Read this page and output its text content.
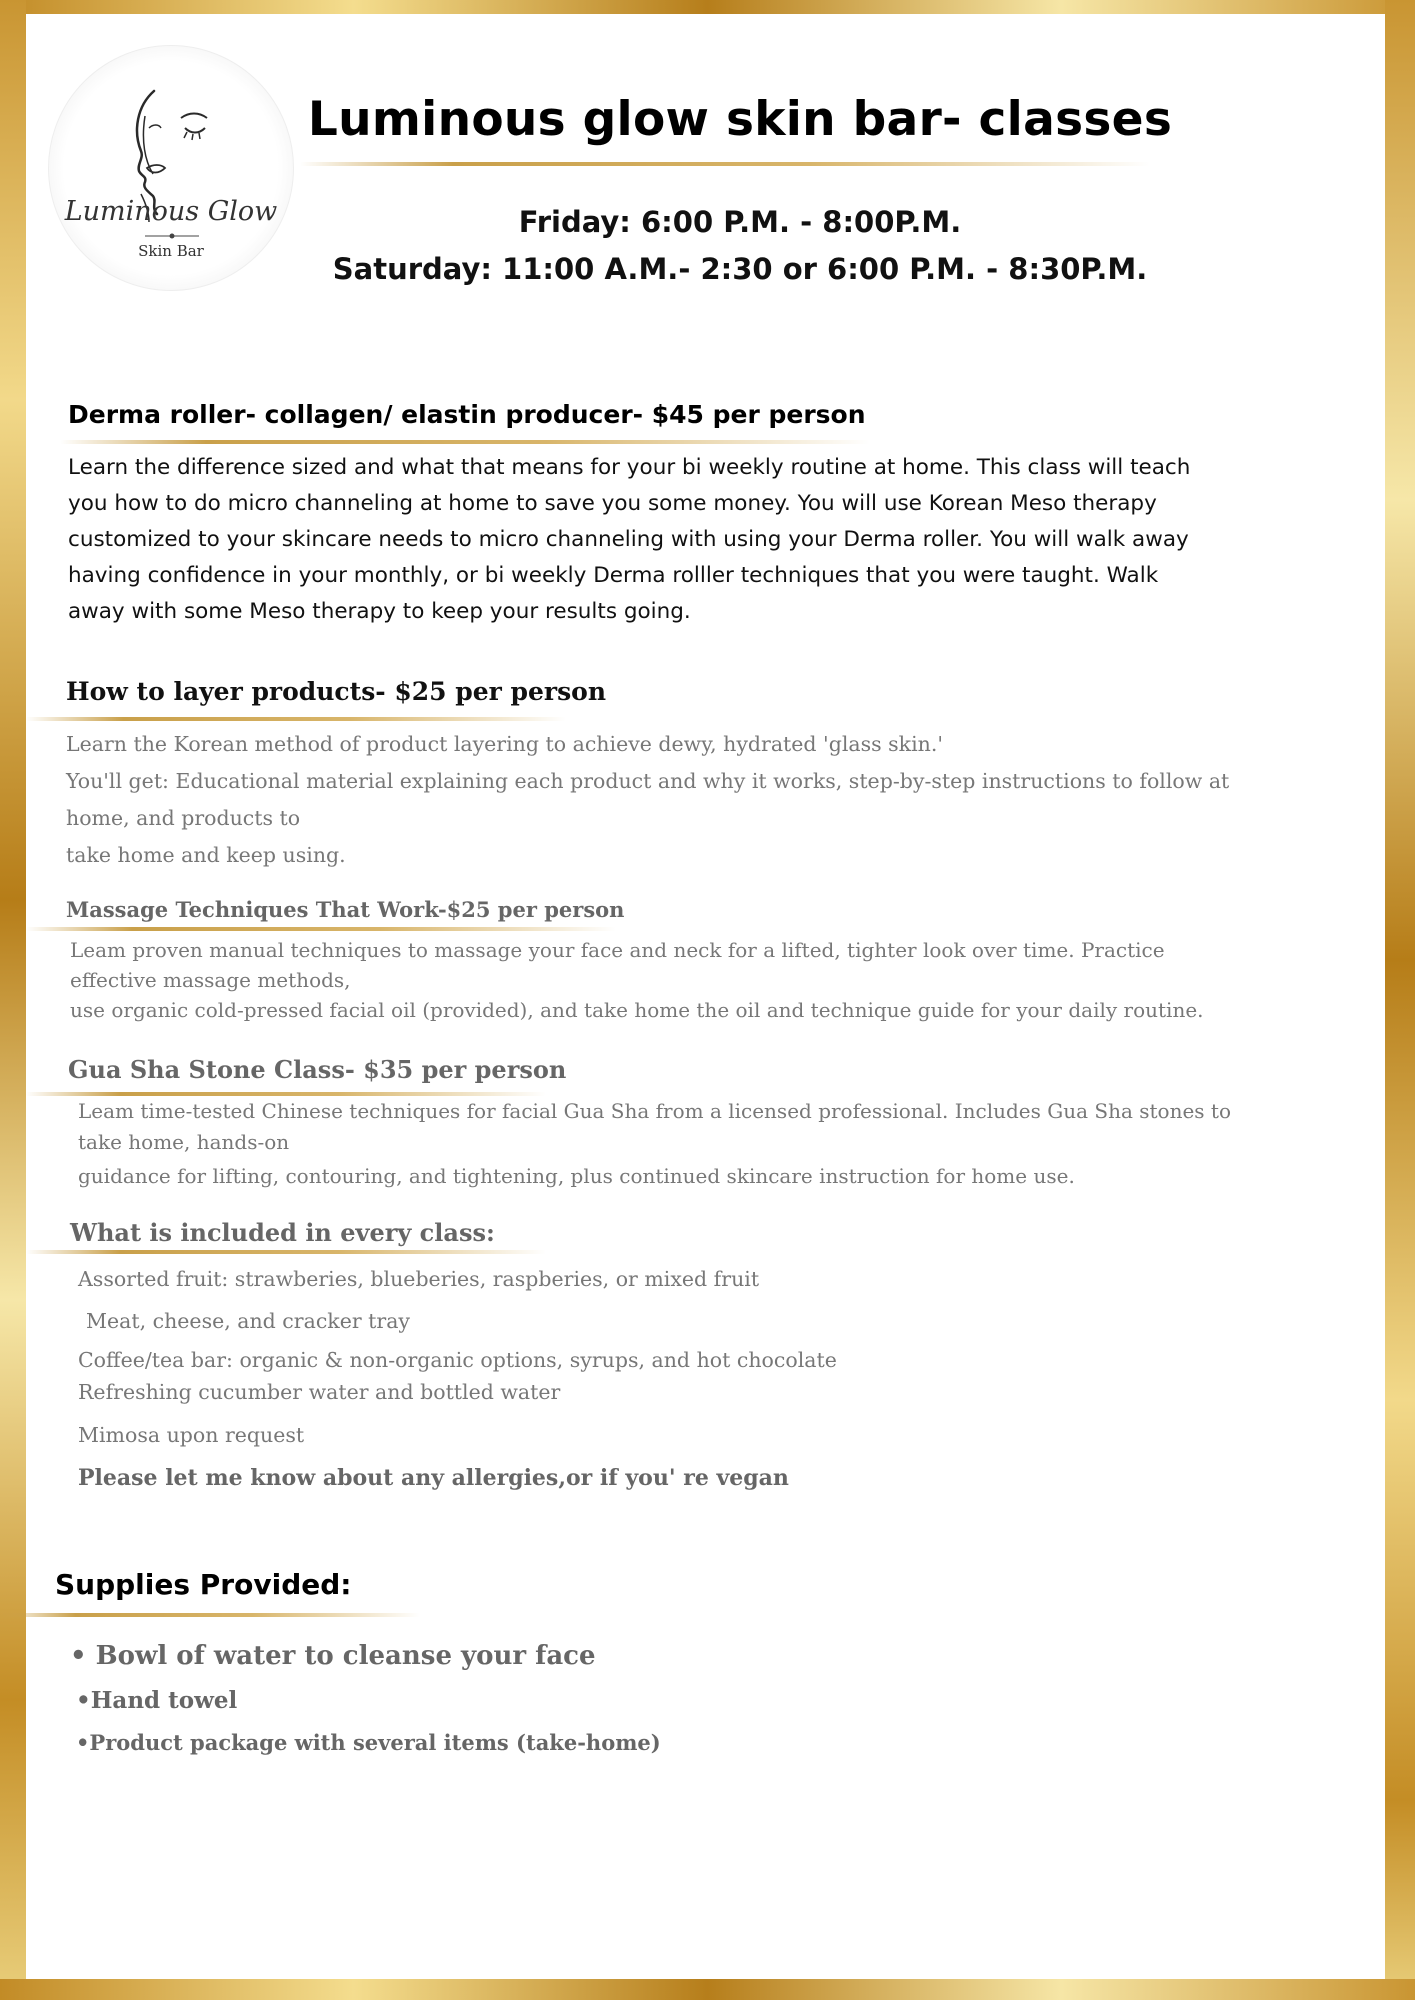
Luminous Glow
Skin Bar
Luminous glow skin bar- classes
Friday: 6:00 P.M. - 8:00P.M.
Saturday: 11:00 A.M.- 2:30 or 6:00 P.M. - 8:30P.M.
Derma roller- collagen/ elastin producer- $45 per person
Learn the difference sized and what that means for your bi weekly routine at home. This class will teach
you how to do micro channeling at home to save you some money. You will use Korean Meso therapy
customized to your skincare needs to micro channeling with using your Derma roller. You will walk away
having confidence in your monthly, or bi weekly Derma rolller techniques that you were taught. Walk
away with some Meso therapy to keep your results going.
How to layer products- $25 per person
Learn the Korean method of product layering to achieve dewy, hydrated 'glass skin.'
You'll get: Educational material explaining each product and why it works, step-by-step instructions to follow at
home, and products to
take home and keep using.
Massage Techniques That Work-$25 per person
Leam proven manual techniques to massage your face and neck for a lifted, tighter look over time. Practice
effective massage methods,
use organic cold-pressed facial oil (provided), and take home the oil and technique guide for your daily routine.
Gua Sha Stone Class- $35 per person
Leam time-tested Chinese techniques for facial Gua Sha from a licensed professional. Includes Gua Sha stones to
take home, hands-on
guidance for lifting, contouring, and tightening, plus continued skincare instruction for home use.
What is included in every class:
Assorted fruit: strawberies, blueberies, raspberies, or mixed fruit
Meat, cheese, and cracker tray
Coffee/tea bar: organic & non-organic options, syrups, and hot chocolate
Refreshing cucumber water and bottled water
Mimosa upon request
Please let me know about any allergies,or if you' re vegan
Supplies Provided:
• Bowl of water to cleanse your face
•Hand towel
•Product package with several items (take-home)
